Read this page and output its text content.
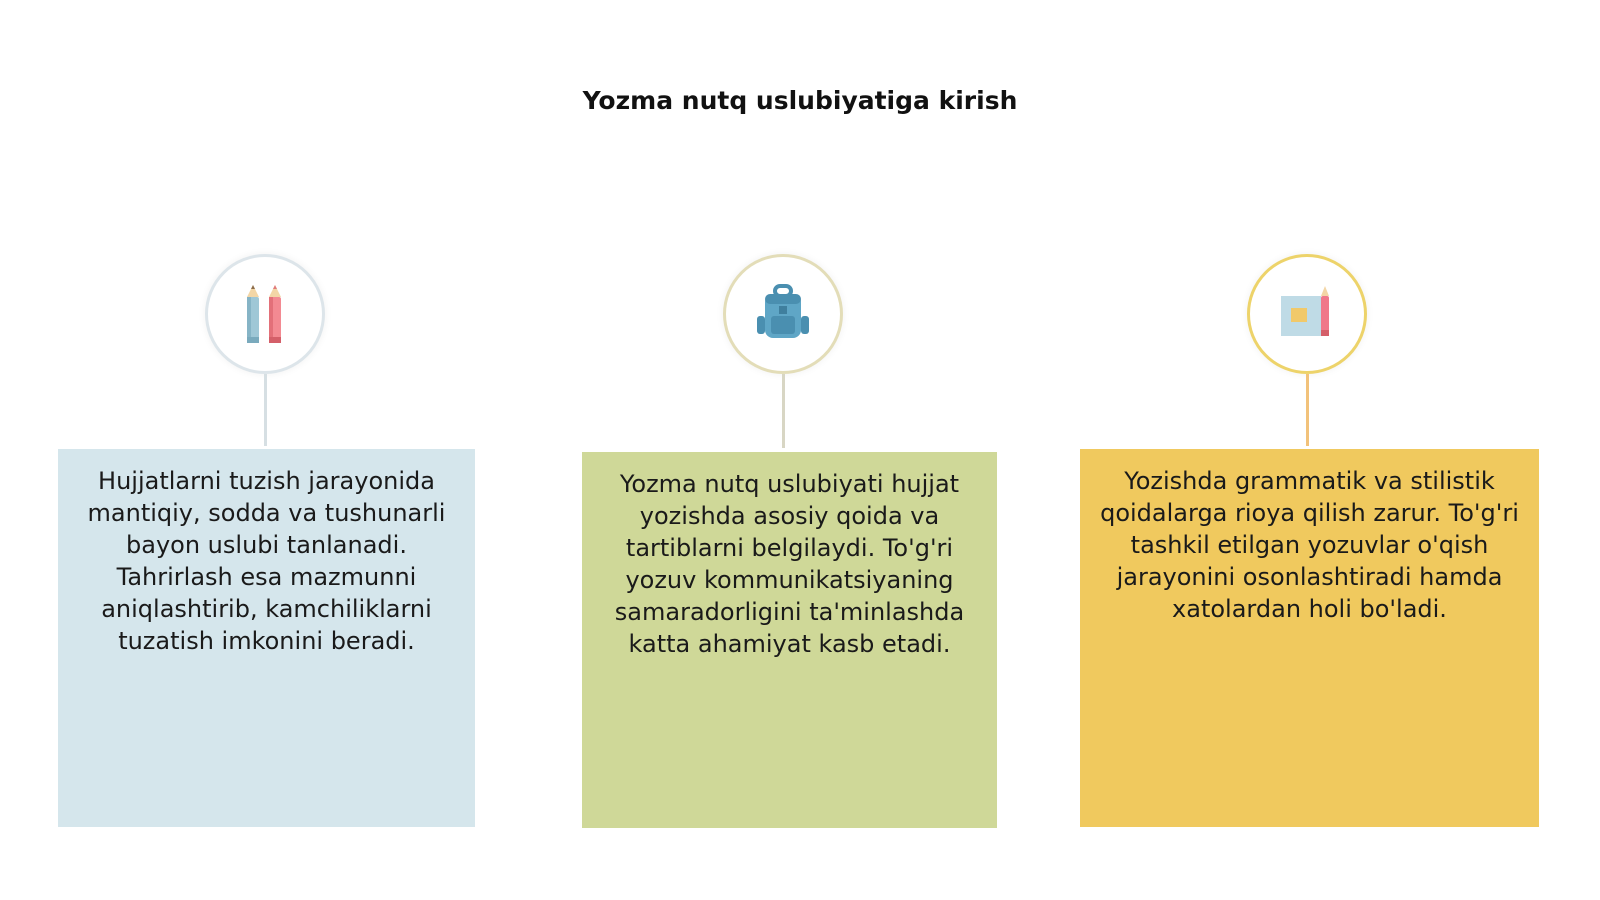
Yozma nutq uslubiyatiga kirish
Hujjatlarni tuzish jarayonida mantiqiy, sodda va tushunarli bayon uslubi tanlanadi. Tahrirlash esa mazmunni aniqlashtirib, kamchiliklarni tuzatish imkonini beradi.
Yozma nutq uslubiyati hujjat yozishda asosiy qoida va tartiblarni belgilaydi. To'g'ri yozuv kommunikatsiyaning samaradorligini ta'minlashda katta ahamiyat kasb etadi.
Yozishda grammatik va stilistik qoidalarga rioya qilish zarur. To'g'ri tashkil etilgan yozuvlar o'qish jarayonini osonlashtiradi hamda xatolardan holi bo'ladi.
